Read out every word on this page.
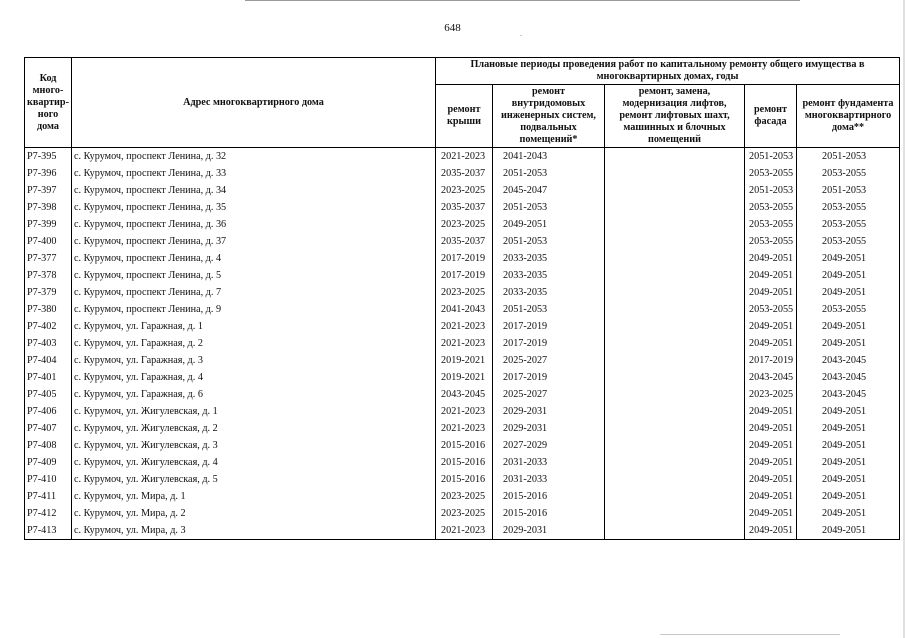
648	.
Код много-квартир-ного дома	Адрес многоквартирного дома	Плановые периоды проведения работ по капитальному ремонту общего имущества в многоквартирных домах, годы				
		ремонт крыши	ремонт внутридомовых инженерных систем, подвальных помещений*	ремонт, замена, модернизация лифтов, ремонт лифтовых шахт, машинных и блочных помещений	ремонт фасада	ремонт фундамента многоквартирного дома**
Р7-395	с. Курумоч, проспект Ленина, д. 32	2021-2023	2041-2043		2051-2053	2051-2053
Р7-396	с. Курумоч, проспект Ленина, д. 33	2035-2037	2051-2053		2053-2055	2053-2055
Р7-397	с. Курумоч, проспект Ленина, д. 34	2023-2025	2045-2047		2051-2053	2051-2053
Р7-398	с. Курумоч, проспект Ленина, д. 35	2035-2037	2051-2053		2053-2055	2053-2055
Р7-399	с. Курумоч, проспект Ленина, д. 36	2023-2025	2049-2051		2053-2055	2053-2055
Р7-400	с. Курумоч, проспект Ленина, д. 37	2035-2037	2051-2053		2053-2055	2053-2055
Р7-377	с. Курумоч, проспект Ленина, д. 4	2017-2019	2033-2035		2049-2051	2049-2051
Р7-378	с. Курумоч, проспект Ленина, д. 5	2017-2019	2033-2035		2049-2051	2049-2051
Р7-379	с. Курумоч, проспект Ленина, д. 7	2023-2025	2033-2035		2049-2051	2049-2051
Р7-380	с. Курумоч, проспект Ленина, д. 9	2041-2043	2051-2053		2053-2055	2053-2055
Р7-402	с. Курумоч, ул. Гаражная, д. 1	2021-2023	2017-2019		2049-2051	2049-2051
Р7-403	с. Курумоч, ул. Гаражная, д. 2	2021-2023	2017-2019		2049-2051	2049-2051
Р7-404	с. Курумоч, ул. Гаражная, д. 3	2019-2021	2025-2027		2017-2019	2043-2045
Р7-401	с. Курумоч, ул. Гаражная, д. 4	2019-2021	2017-2019		2043-2045	2043-2045
Р7-405	с. Курумоч, ул. Гаражная, д. 6	2043-2045	2025-2027		2023-2025	2043-2045
Р7-406	с. Курумоч, ул. Жигулевская, д. 1	2021-2023	2029-2031		2049-2051	2049-2051
Р7-407	с. Курумоч, ул. Жигулевская, д. 2	2021-2023	2029-2031		2049-2051	2049-2051
Р7-408	с. Курумоч, ул. Жигулевская, д. 3	2015-2016	2027-2029		2049-2051	2049-2051
Р7-409	с. Курумоч, ул. Жигулевская, д. 4	2015-2016	2031-2033		2049-2051	2049-2051
Р7-410	с. Курумоч, ул. Жигулевская, д. 5	2015-2016	2031-2033		2049-2051	2049-2051
Р7-411	с. Курумоч, ул. Мира, д. 1	2023-2025	2015-2016		2049-2051	2049-2051
Р7-412	с. Курумоч, ул. Мира, д. 2	2023-2025	2015-2016		2049-2051	2049-2051
Р7-413	с. Курумоч, ул. Мира, д. 3	2021-2023	2029-2031		2049-2051	2049-2051
